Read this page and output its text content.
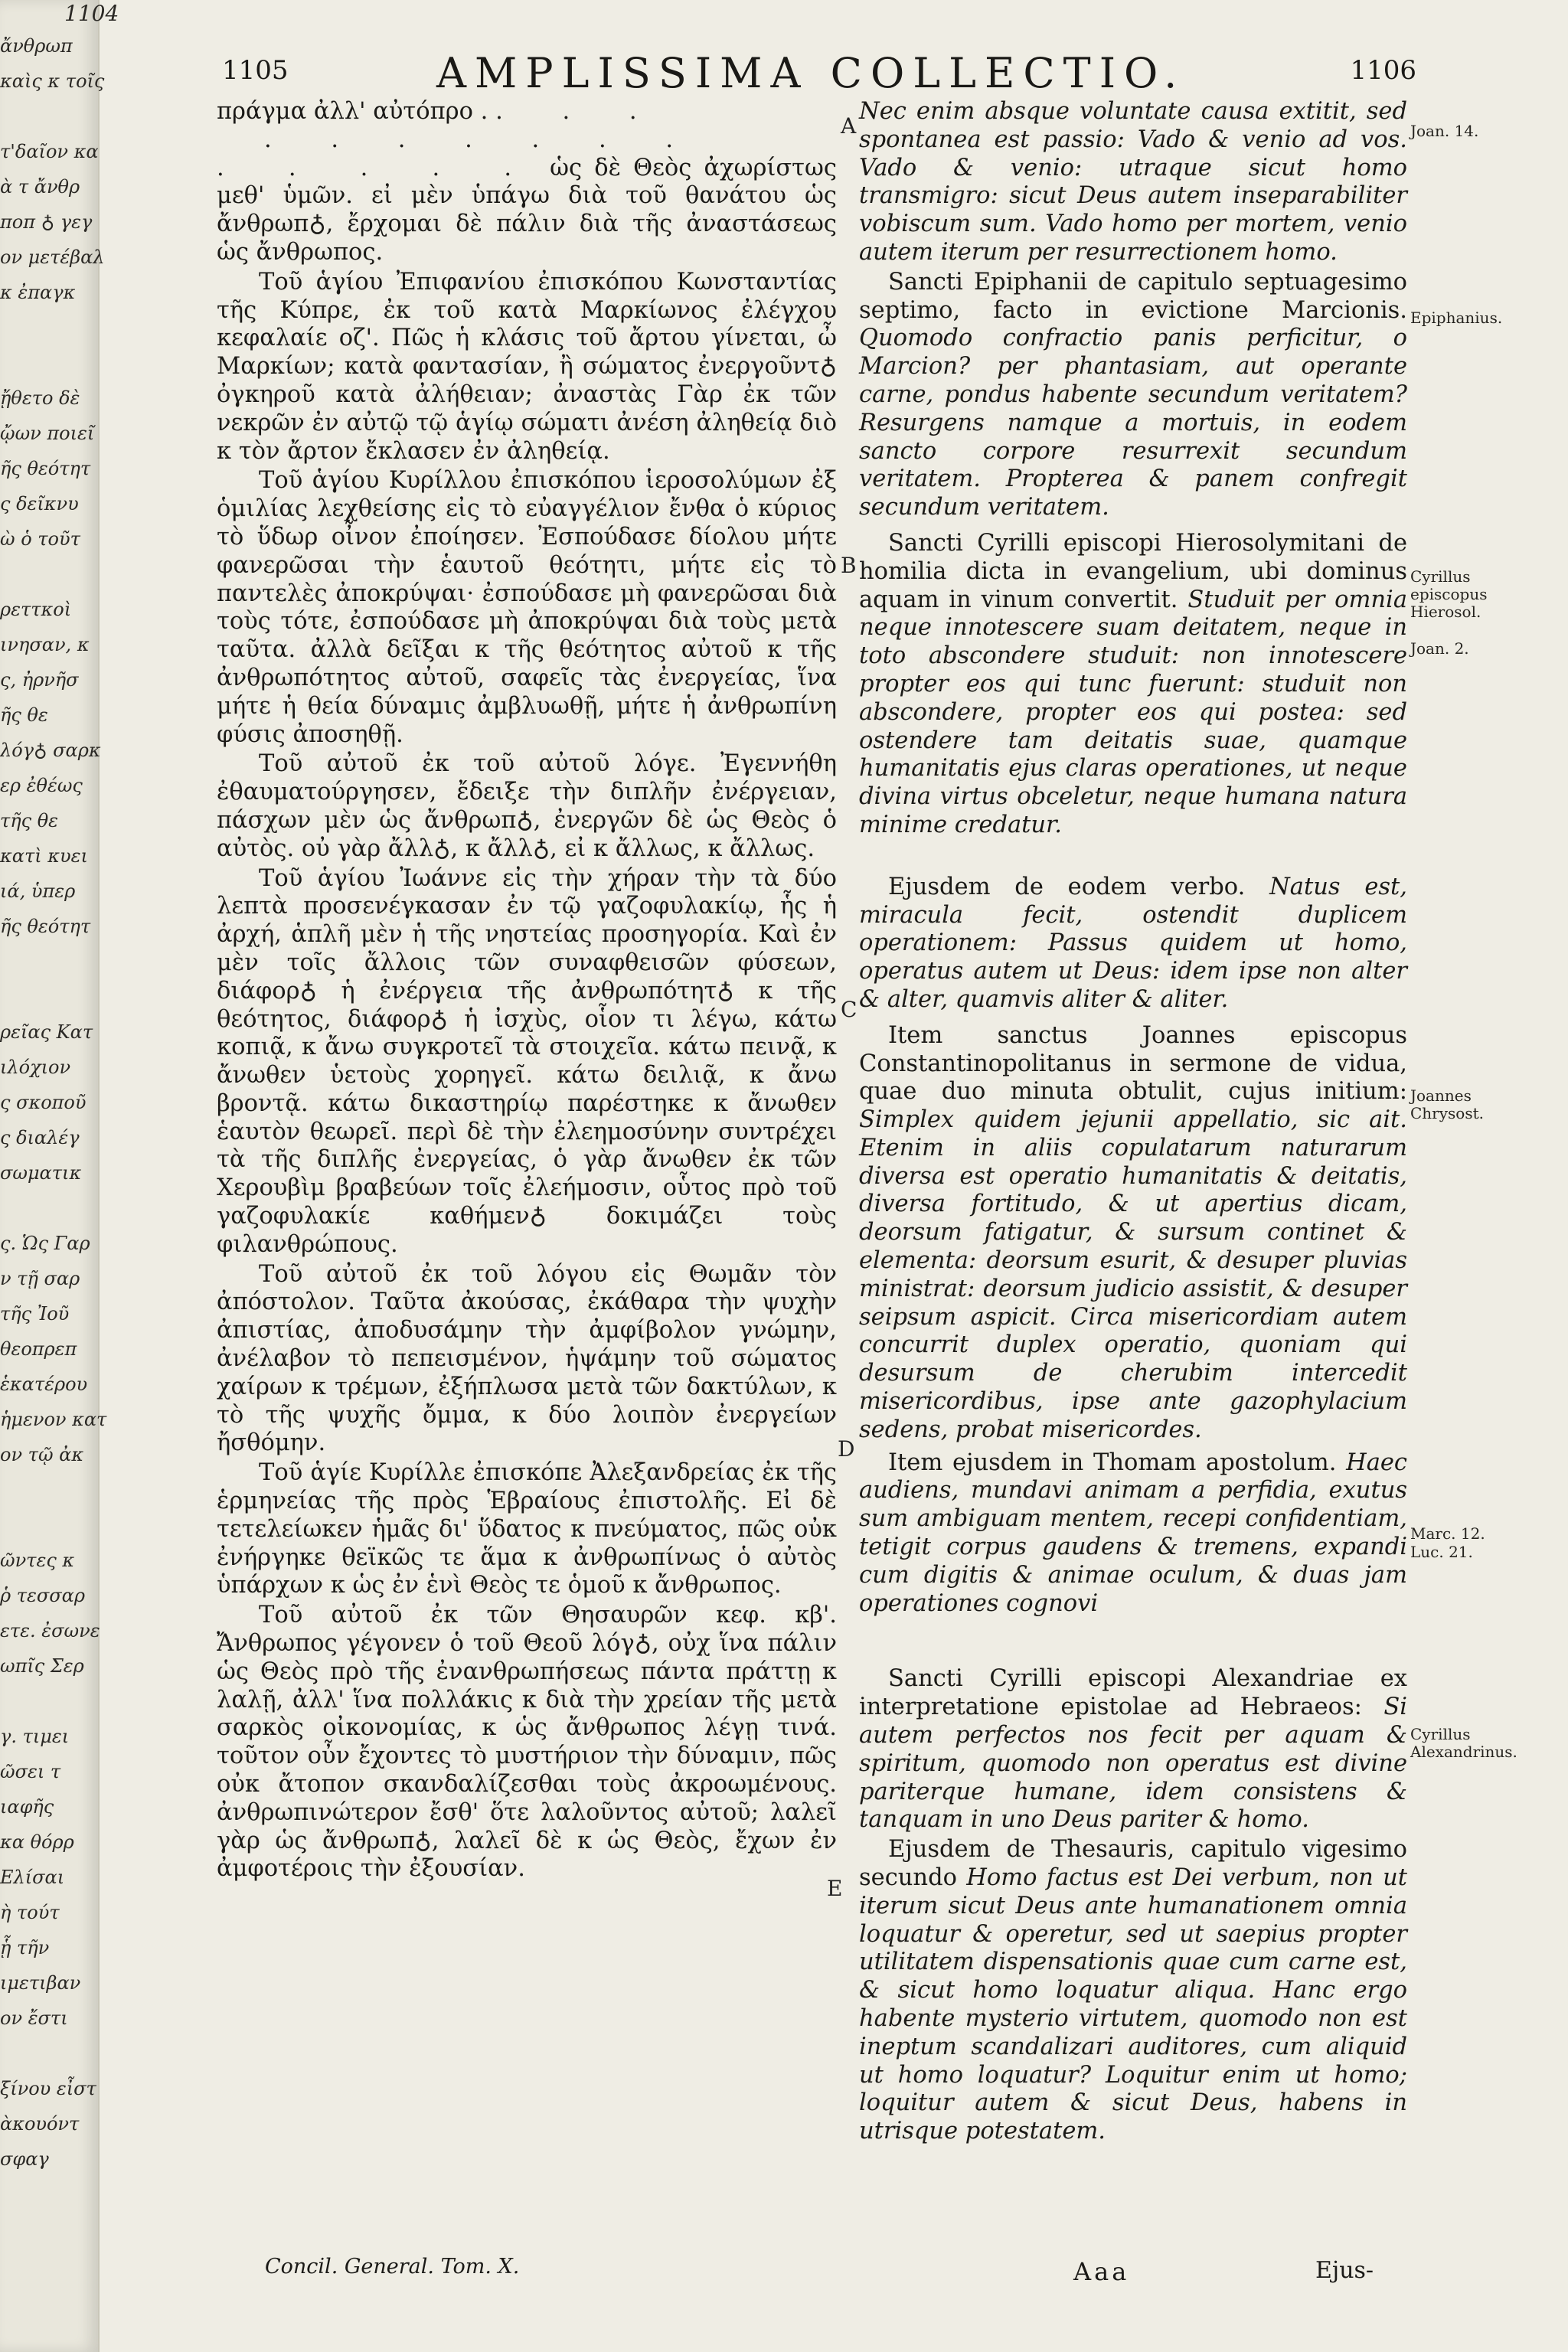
1104
ἄνθρωπ
καὶς κ τοῖς
τ'δαῖον κα
ὰ τ ἄνθρ
ποπ ♁ γεγ
ον μετέβαλ
κ ἐπαγκ
ᾔθετο δὲ
ᾤων ποιεῖ
ῆς θεότητ
ς δεῖκνυ
ὼ ὁ τοῦτ
ρεττκοὶ
ινησαν, κ
ς, ἠρνῆσ
ῆς θε
λόγ♁ σαρκ
ερ ἐθέως
τῆς θε
κατὶ κυει
ιά, ὑπερ
ῆς θεότητ
ρεῖας Κατ
ιλόχιον
ς σκοποῦ
ς διαλέγ
σωματικ
ς. Ὡς Γαρ
ν τῇ σαρ
τῆς Ἰοῦ
θεοπρεπ
ἑκατέρου
ἡμενον κατ
ον τῷ ἀκ
ῶντες κ
ῥ τεσσαρ
ετε. ἐσωνε
ωπῖς Σερ
γ. τιμει
ῶσει τ
ιαφῆς
κα θόρρ
Ελίσαι
ὴ τούτ
ᾗ τῆν
ιμετιβαν
ον ἔστι
ξίνου εἶστ
ὰκουόντ
σφαγ
1105	AMPLISSIMA COLLECTIO.	1106
πράγμα ἀλλ' αὐτόπρο . . . .
. . . . . . .
. . . . . ὡς δὲ Θεὸς ἀχωρίστως μεθ' ὑμῶν. εἰ μὲν ὑπάγω διὰ τοῦ θανάτου ὡς ἄνθρωπ♁, ἔρχομαι δὲ πάλιν διὰ τῆς ἀναστάσεως ὡς ἄνθρωπος.
Τοῦ ἁγίου Ἐπιφανίου ἐπισκόπου Κωνσταντίας τῆς Κύπρε, ἐκ τοῦ κατὰ Μαρκίωνος ἐλέγχου κεφαλαίε οζ'. Πῶς ἡ κλάσις τοῦ ἄρτου γίνεται, ὦ Μαρκίων; κατὰ φαντασίαν, ἢ σώματος ἐνεργοῦντ♁ ὀγκηροῦ κατὰ ἀλήθειαν; ἀναστὰς Γὰρ ἐκ τῶν νεκρῶν ἐν αὐτῷ τῷ ἁγίῳ σώματι ἀνέση ἀληθείᾳ διὸ κ τὸν ἄρτον ἔκλασεν ἐν ἀληθείᾳ.
Τοῦ ἁγίου Κυρίλλου ἐπισκόπου ἱεροσολύμων ἐξ ὁμιλίας λεχθείσης εἰς τὸ εὐαγγέλιον ἔνθα ὁ κύριος τὸ ὕδωρ οἶνον ἐποίησεν. Ἐσπούδασε δίολου μήτε φανερῶσαι τὴν ἑαυτοῦ θεότητι, μήτε εἰς τὸ παντελὲς ἀποκρύψαι· ἐσπούδασε μὴ φανερῶσαι διὰ τοὺς τότε, ἐσπούδασε μὴ ἀποκρύψαι διὰ τοὺς μετὰ ταῦτα. ἀλλὰ δεῖξαι κ τῆς θεότητος αὐτοῦ κ τῆς ἀνθρωπότητος αὐτοῦ, σαφεῖς τὰς ἐνεργείας, ἵνα μήτε ἡ θεία δύναμις ἀμβλυωθῇ, μήτε ἡ ἀνθρωπίνη φύσις ἀποσηθῇ.
Τοῦ αὐτοῦ ἐκ τοῦ αὐτοῦ λόγε. Ἐγεννήθη ἐθαυματούργησεν, ἔδειξε τὴν διπλῆν ἐνέργειαν, πάσχων μὲν ὡς ἄνθρωπ♁, ἐνεργῶν δὲ ὡς Θεὸς ὁ αὐτὸς. οὐ γὰρ ἄλλ♁, κ ἄλλ♁, εἰ κ ἄλλως, κ ἄλλως.
Τοῦ ἁγίου Ἰωάννε εἰς τὴν χήραν τὴν τὰ δύο λεπτὰ προσενέγκασαν ἐν τῷ γαζοφυλακίῳ, ἧς ἡ ἀρχή, ἁπλῆ μὲν ἡ τῆς νηστείας προσηγορία. Καὶ ἐν μὲν τοῖς ἄλλοις τῶν συναφθεισῶν φύσεων, διάφορ♁ ἡ ἐνέργεια τῆς ἀνθρωπότητ♁ κ τῆς θεότητος, διάφορ♁ ἡ ἰσχὺς, οἷον τι λέγω, κάτω κοπιᾷ, κ ἄνω συγκροτεῖ τὰ στοιχεῖα. κάτω πεινᾷ, κ ἄνωθεν ὑετοὺς χορηγεῖ. κάτω δειλιᾷ, κ ἄνω βροντᾷ. κάτω δικαστηρίῳ παρέστηκε κ ἄνωθεν ἑαυτὸν θεωρεῖ. περὶ δὲ τὴν ἐλεημοσύνην συντρέχει τὰ τῆς διπλῆς ἐνεργείας, ὁ γὰρ ἄνωθεν ἐκ τῶν Χερουβὶμ βραβεύων τοῖς ἐλεήμοσιν, οὗτος πρὸ τοῦ γαζοφυλακίε καθήμεν♁ δοκιμάζει τοὺς φιλανθρώπους.
Τοῦ αὐτοῦ ἐκ τοῦ λόγου εἰς Θωμᾶν τὸν ἀπόστολον. Ταῦτα ἀκούσας, ἐκάθαρα τὴν ψυχὴν ἀπιστίας, ἀποδυσάμην τὴν ἀμφίβολον γνώμην, ἀνέλαβον τὸ πεπεισμένον, ἡψάμην τοῦ σώματος χαίρων κ τρέμων, ἐξήπλωσα μετὰ τῶν δακτύλων, κ τὸ τῆς ψυχῆς ὄμμα, κ δύο λοιπὸν ἐνεργείων ἤσθόμην.
Τοῦ ἁγίε Κυρίλλε ἐπισκόπε Ἀλεξανδρείας ἐκ τῆς ἑρμηνείας τῆς πρὸς Ἑβραίους ἐπιστολῆς. Εἰ δὲ τετελείωκεν ἡμᾶς δι' ὕδατος κ πνεύματος, πῶς οὐκ ἐνήργηκε θεϊκῶς τε ἅμα κ ἀνθρωπίνως ὁ αὐτὸς ὑπάρχων κ ὡς ἐν ἑνὶ Θεὸς τε ὁμοῦ κ ἄνθρωπος.
Τοῦ αὐτοῦ ἐκ τῶν Θησαυρῶν κεφ. κβ'. Ἄνθρωπος γέγονεν ὁ τοῦ Θεοῦ λόγ♁, οὐχ ἵνα πάλιν ὡς Θεὸς πρὸ τῆς ἐνανθρωπήσεως πάντα πράττῃ κ λαλῇ, ἀλλ' ἵνα πολλάκις κ διὰ τὴν χρείαν τῆς μετὰ σαρκὸς οἰκονομίας, κ ὡς ἄνθρωπος λέγῃ τινά. τοῦτον οὖν ἔχοντες τὸ μυστήριον τὴν δύναμιν, πῶς οὐκ ἄτοπον σκανδαλίζεσθαι τοὺς ἀκροωμένους. ἀνθρωπινώτερον ἔσθ' ὅτε λαλοῦντος αὐτοῦ; λαλεῖ γὰρ ὡς ἄνθρωπ♁, λαλεῖ δὲ κ ὡς Θεὸς, ἔχων ἐν ἀμφοτέροις τὴν ἐξουσίαν.
Nec enim absque voluntate causa extitit, sed spontanea est passio: Vado & venio ad vos. Vado & venio: utraque sicut homo transmigro: sicut Deus autem inseparabiliter vobiscum sum. Vado homo per mortem, venio autem iterum per resurrectionem homo.
Sancti Epiphanii de capitulo septuagesimo septimo, facto in evictione Marcionis. Quomodo confractio panis perficitur, o Marcion? per phantasiam, aut operante carne, pondus habente secundum veritatem? Resurgens namque a mortuis, in eodem sancto corpore resurrexit secundum veritatem. Propterea & panem confregit secundum veritatem.
Sancti Cyrilli episcopi Hierosolymitani de homilia dicta in evangelium, ubi dominus aquam in vinum convertit. Studuit per omnia neque innotescere suam deitatem, neque in toto abscondere studuit: non innotescere propter eos qui tunc fuerunt: studuit non abscondere, propter eos qui postea: sed ostendere tam deitatis suae, quamque humanitatis ejus claras operationes, ut neque divina virtus obceletur, neque humana natura minime credatur.
Ejusdem de eodem verbo. Natus est, miracula fecit, ostendit duplicem operationem: Passus quidem ut homo, operatus autem ut Deus: idem ipse non alter & alter, quamvis aliter & aliter.
Item sanctus Joannes episcopus Constantinopolitanus in sermone de vidua, quae duo minuta obtulit, cujus initium: Simplex quidem jejunii appellatio, sic ait. Etenim in aliis copulatarum naturarum diversa est operatio humanitatis & deitatis, diversa fortitudo, & ut apertius dicam, deorsum fatigatur, & sursum continet & elementa: deorsum esurit, & desuper pluvias ministrat: deorsum judicio assistit, & desuper seipsum aspicit. Circa misericordiam autem concurrit duplex operatio, quoniam qui desursum de cherubim intercedit misericordibus, ipse ante gazophylacium sedens, probat misericordes.
Item ejusdem in Thomam apostolum. Haec audiens, mundavi animam a perfidia, exutus sum ambiguam mentem, recepi confidentiam, tetigit corpus gaudens & tremens, expandi cum digitis & animae oculum, & duas jam operationes cognovi
Sancti Cyrilli episcopi Alexandriae ex interpretatione epistolae ad Hebraeos: Si autem perfectos nos fecit per aquam & spiritum, quomodo non operatus est divine pariterque humane, idem consistens & tanquam in uno Deus pariter & homo.
Ejusdem de Thesauris, capitulo vigesimo secundo Homo factus est Dei verbum, non ut iterum sicut Deus ante humanationem omnia loquatur & operetur, sed ut saepius propter utilitatem dispensationis quae cum carne est, & sicut homo loquatur aliqua. Hanc ergo habente mysterio virtutem, quomodo non est ineptum scandalizari auditores, cum aliquid ut homo loquatur? Loquitur enim ut homo; loquitur autem & sicut Deus, habens in utrisque potestatem.
A
B
C
D
E
Joan. 14.
Epiphanius.
Cyrillus episcopus Hierosol.
Joan. 2.
Joannes Chrysost.
Marc. 12.
Luc. 21.
Cyrillus Alexandrinus.
Concil. General. Tom. X.	Aaa	Ejus-
